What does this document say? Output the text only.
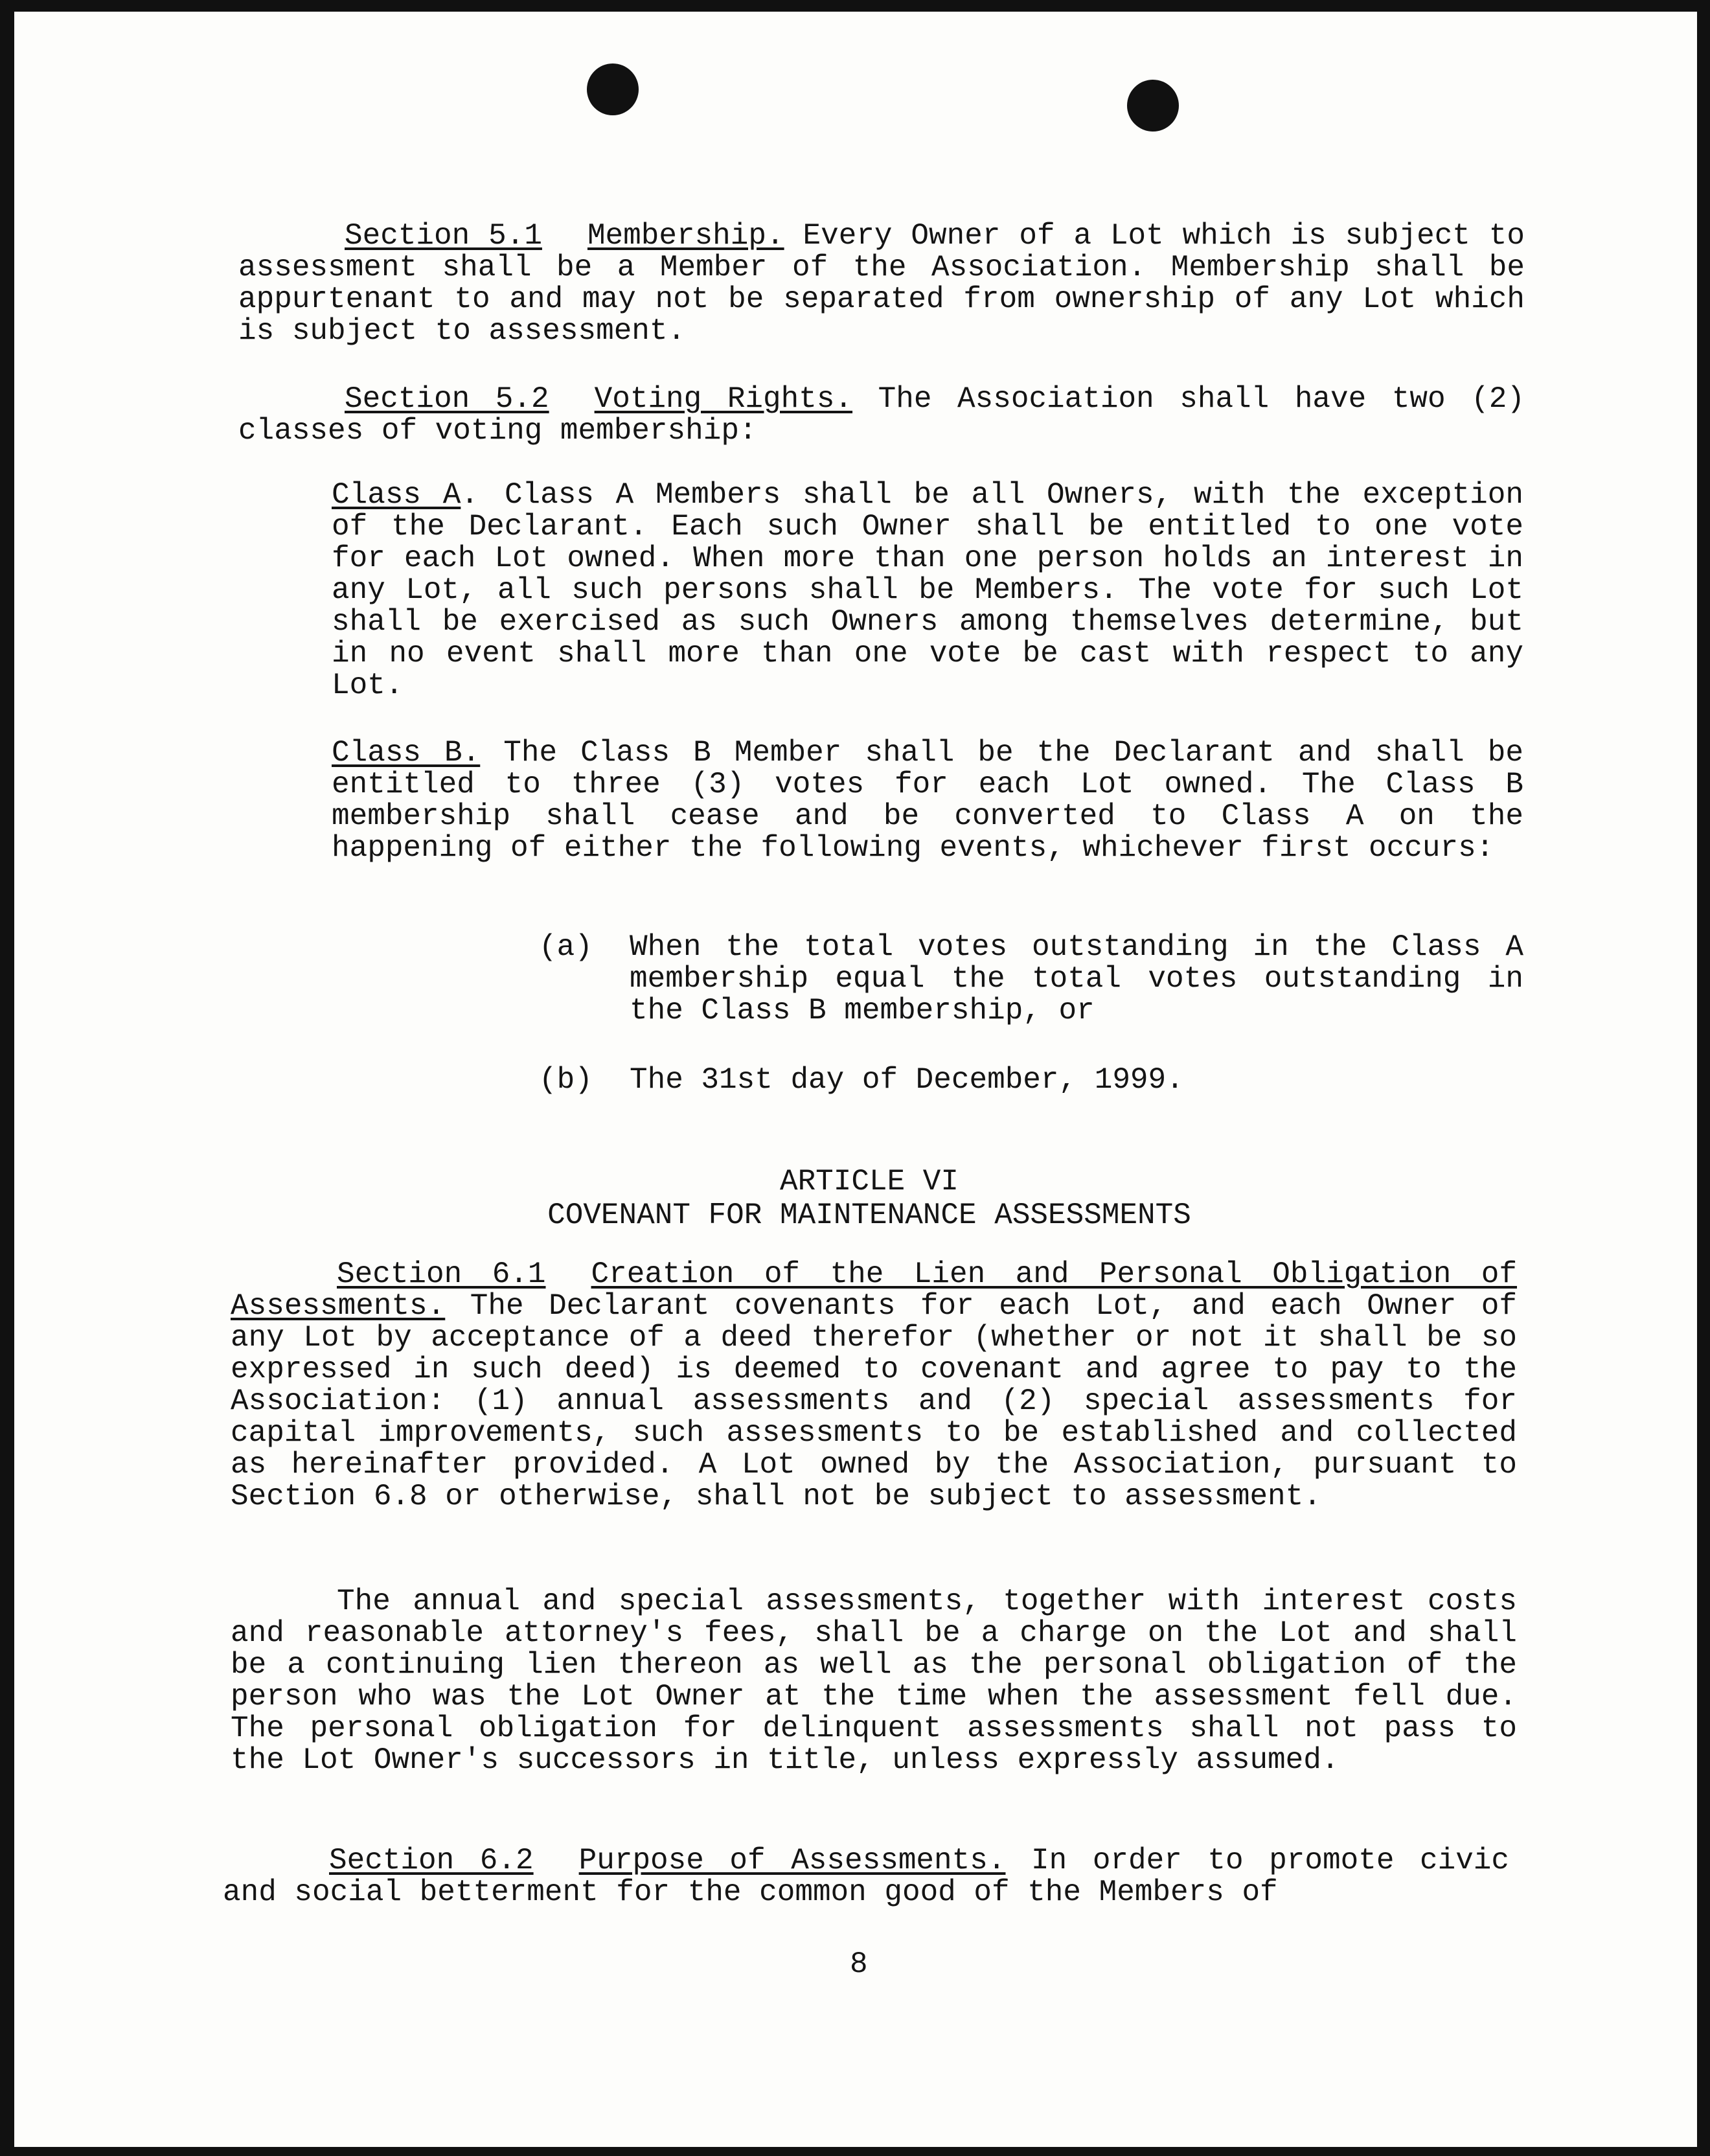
Section 5.1 Membership. Every Owner of a Lot which is subject to assessment shall be a Member of the Association. Membership shall be appurtenant to and may not be separated from ownership of any Lot which is subject to assessment.

Section 5.2 Voting Rights. The Association shall have two (2) classes of voting membership:

Class A. Class A Members shall be all Owners, with the exception of the Declarant. Each such Owner shall be entitled to one vote for each Lot owned. When more than one person holds an interest in any Lot, all such persons shall be Members. The vote for such Lot shall be exercised as such Owners among themselves determine, but in no event shall more than one vote be cast with respect to any Lot.

Class B. The Class B Member shall be the Declarant and shall be entitled to three (3) votes for each Lot owned. The Class B membership shall cease and be converted to Class A on the happening of either the following events, whichever first occurs:

(a)	When the total votes outstanding in the Class A membership equal the total votes outstanding in the Class B membership, or
(b)	The 31st day of December, 1999.
ARTICLE VI
COVENANT FOR MAINTENANCE ASSESSMENTS

Section 6.1 Creation of the Lien and Personal Obligation of Assessments. The Declarant covenants for each Lot, and each Owner of any Lot by acceptance of a deed therefor (whether or not it shall be so expressed in such deed) is deemed to covenant and agree to pay to the Association: (1) annual assessments and (2) special assessments for capital improvements, such assessments to be established and collected as hereinafter provided. A Lot owned by the Association, pursuant to Section 6.8 or otherwise, shall not be subject to assessment.

The annual and special assessments, together with interest costs and reasonable attorney's fees, shall be a charge on the Lot and shall be a continuing lien thereon as well as the personal obligation of the person who was the Lot Owner at the time when the assessment fell due. The personal obligation for delinquent assessments shall not pass to the Lot Owner's successors in title, unless expressly assumed.

Section 6.2 Purpose of Assessments. In order to promote civic and social betterment for the common good of the Members of

8
